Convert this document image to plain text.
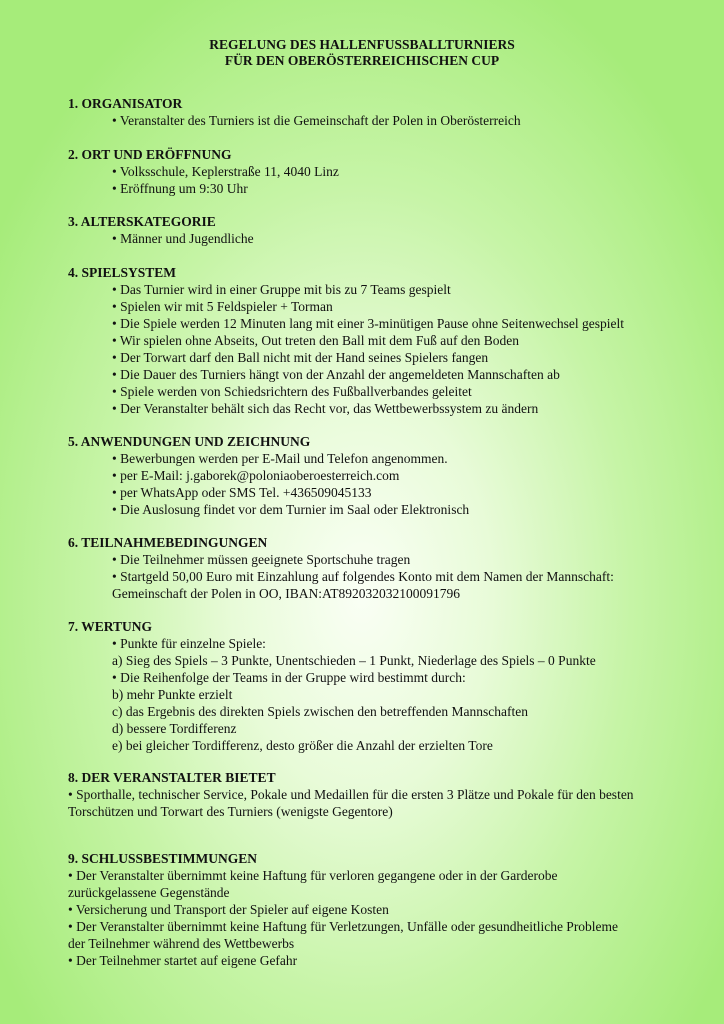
REGELUNG DES HALLENFUSSBALLTURNIERS
FÜR DEN OBERÖSTERREICHISCHEN CUP

1. ORGANISATOR

• Veranstalter des Turniers ist die Gemeinschaft der Polen in Oberösterreich

2. ORT UND ERÖFFNUNG

• Volksschule, Keplerstraße 11, 4040 Linz

• Eröffnung um 9:30 Uhr

3. ALTERSKATEGORIE

• Männer und Jugendliche

4. SPIELSYSTEM

• Das Turnier wird in einer Gruppe mit bis zu 7 Teams gespielt

• Spielen wir mit 5 Feldspieler + Torman

• Die Spiele werden 12 Minuten lang mit einer 3-minütigen Pause ohne Seitenwechsel gespielt

• Wir spielen ohne Abseits, Out treten den Ball mit dem Fuß auf den Boden

• Der Torwart darf den Ball nicht mit der Hand seines Spielers fangen

• Die Dauer des Turniers hängt von der Anzahl der angemeldeten Mannschaften ab

• Spiele werden von Schiedsrichtern des Fußballverbandes geleitet

• Der Veranstalter behält sich das Recht vor, das Wettbewerbssystem zu ändern

5. ANWENDUNGEN UND ZEICHNUNG

• Bewerbungen werden per E-Mail und Telefon angenommen.

• per E-Mail: j.gaborek@poloniaoberoesterreich.com

• per WhatsApp oder SMS Tel. +436509045133

• Die Auslosung findet vor dem Turnier im Saal oder Elektronisch

6. TEILNAHMEBEDINGUNGEN

• Die Teilnehmer müssen geeignete Sportschuhe tragen

• Startgeld 50,00 Euro mit Einzahlung auf folgendes Konto mit dem Namen der Mannschaft:

Gemeinschaft der Polen in OO, IBAN:AT892032032100091796

7. WERTUNG

• Punkte für einzelne Spiele:

a) Sieg des Spiels – 3 Punkte, Unentschieden – 1 Punkt, Niederlage des Spiels – 0 Punkte

• Die Reihenfolge der Teams in der Gruppe wird bestimmt durch:

b) mehr Punkte erzielt

c) das Ergebnis des direkten Spiels zwischen den betreffenden Mannschaften

d) bessere Tordifferenz

e) bei gleicher Tordifferenz, desto größer die Anzahl der erzielten Tore

8. DER VERANSTALTER BIETET

• Sporthalle, technischer Service, Pokale und Medaillen für die ersten 3 Plätze und Pokale für den besten

Torschützen und Torwart des Turniers (wenigste Gegentore)

9. SCHLUSSBESTIMMUNGEN

• Der Veranstalter übernimmt keine Haftung für verloren gegangene oder in der Garderobe

zurückgelassene Gegenstände

• Versicherung und Transport der Spieler auf eigene Kosten

• Der Veranstalter übernimmt keine Haftung für Verletzungen, Unfälle oder gesundheitliche Probleme

der Teilnehmer während des Wettbewerbs

• Der Teilnehmer startet auf eigene Gefahr
